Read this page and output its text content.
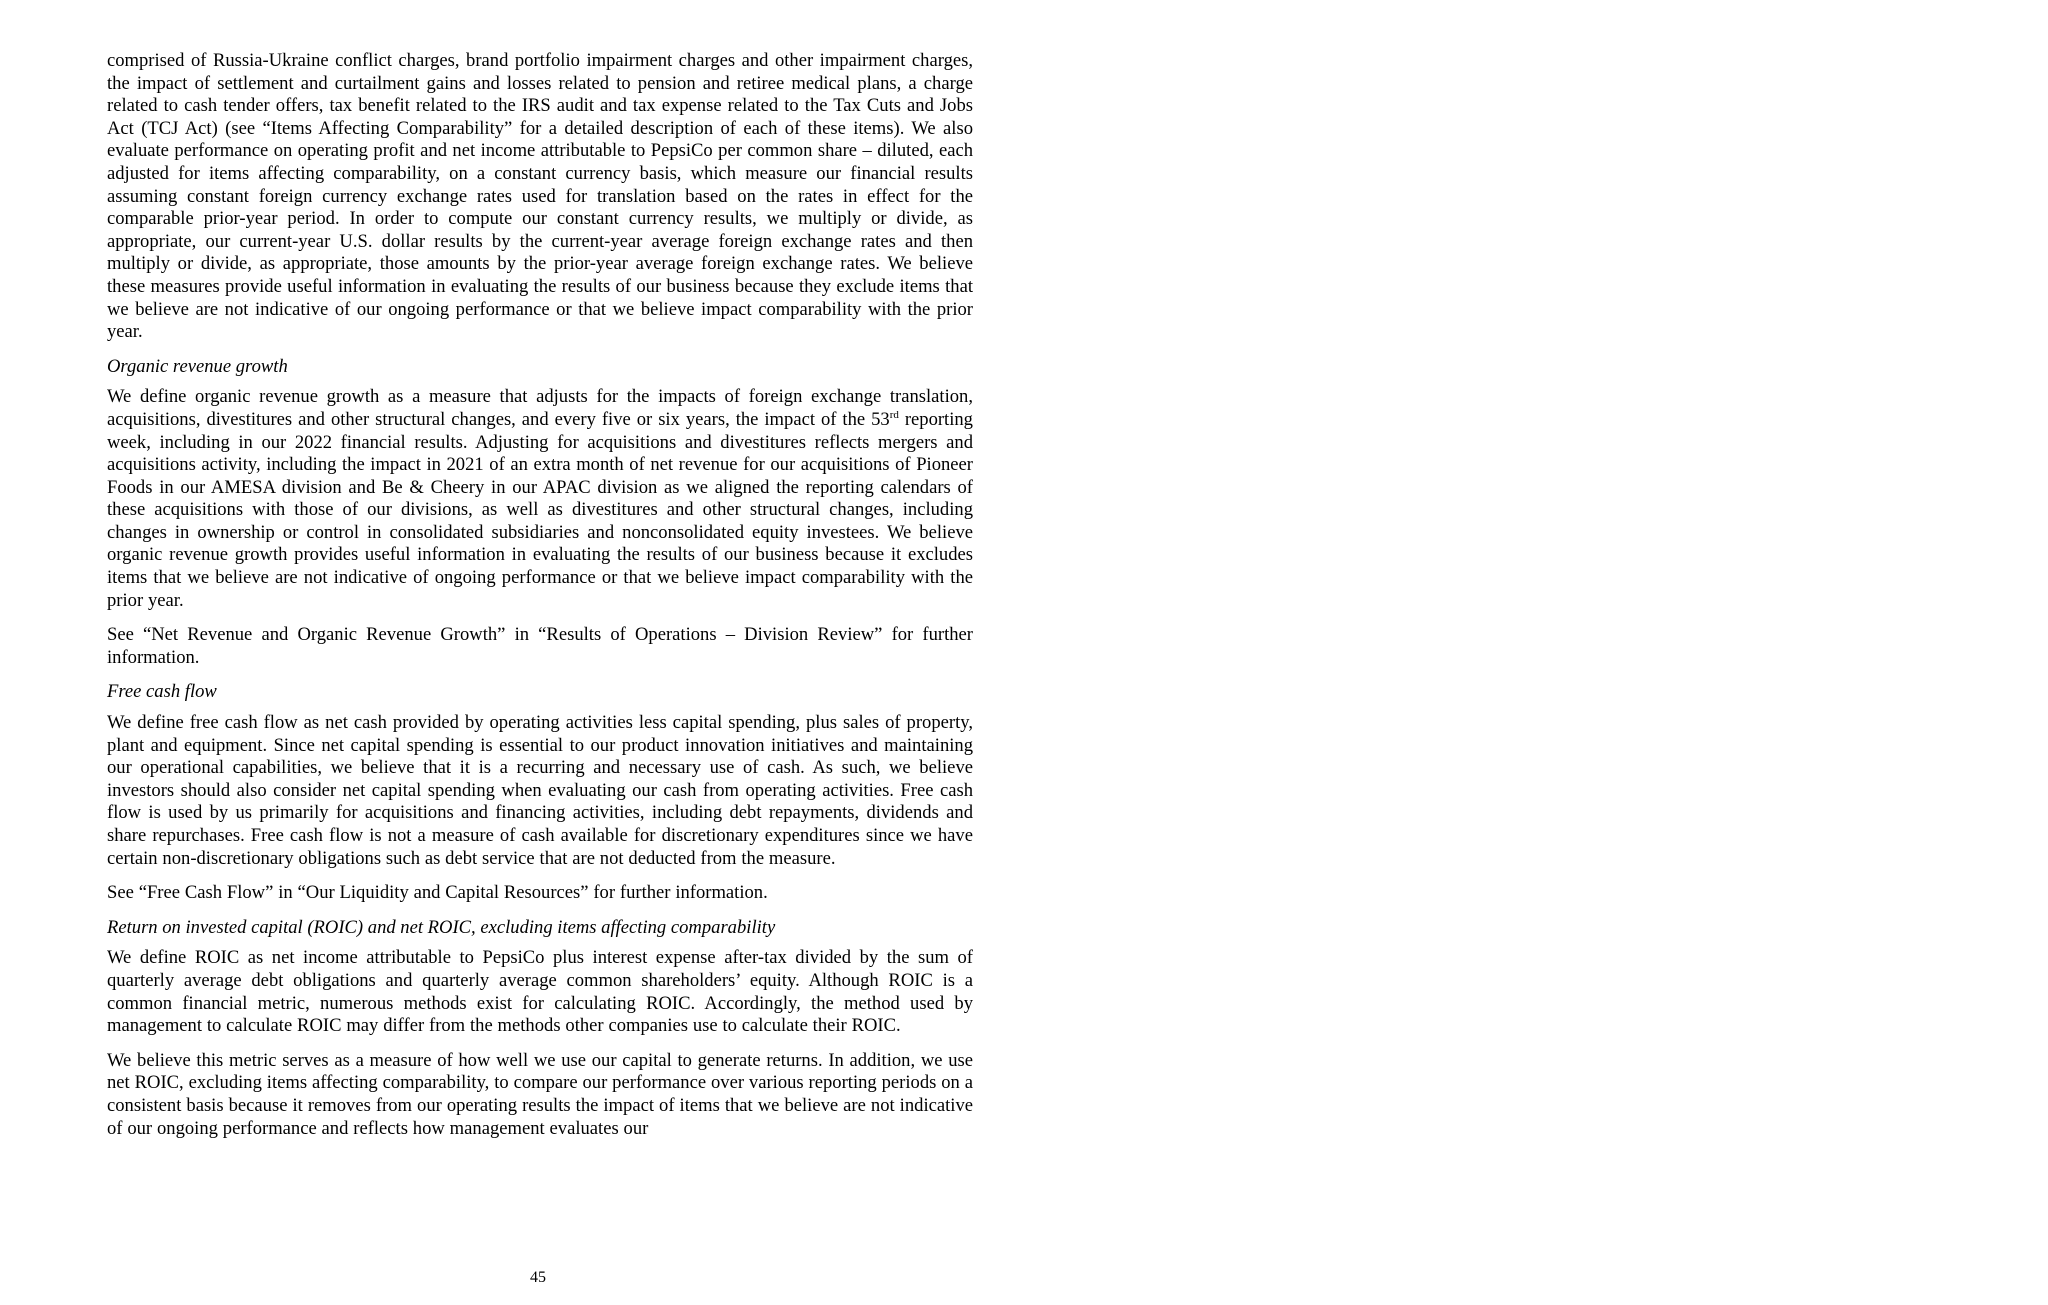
comprised of Russia-Ukraine conflict charges, brand portfolio impairment charges and other impairment charges, the impact of settlement and curtailment gains and losses related to pension and retiree medical plans, a charge related to cash tender offers, tax benefit related to the IRS audit and tax expense related to the Tax Cuts and Jobs Act (TCJ Act) (see “Items Affecting Comparability” for a detailed description of each of these items). We also evaluate performance on operating profit and net income attributable to PepsiCo per common share – diluted, each adjusted for items affecting comparability, on a constant currency basis, which measure our financial results assuming constant foreign currency exchange rates used for translation based on the rates in effect for the comparable prior-year period. In order to compute our constant currency results, we multiply or divide, as appropriate, our current-year U.S. dollar results by the current-year average foreign exchange rates and then multiply or divide, as appropriate, those amounts by the prior-year average foreign exchange rates. We believe these measures provide useful information in evaluating the results of our business because they exclude items that we believe are not indicative of our ongoing performance or that we believe impact comparability with the prior year.

Organic revenue growth

We define organic revenue growth as a measure that adjusts for the impacts of foreign exchange translation, acquisitions, divestitures and other structural changes, and every five or six years, the impact of the 53rd reporting week, including in our 2022 financial results. Adjusting for acquisitions and divestitures reflects mergers and acquisitions activity, including the impact in 2021 of an extra month of net revenue for our acquisitions of Pioneer Foods in our AMESA division and Be & Cheery in our APAC division as we aligned the reporting calendars of these acquisitions with those of our divisions, as well as divestitures and other structural changes, including changes in ownership or control in consolidated subsidiaries and nonconsolidated equity investees. We believe organic revenue growth provides useful information in evaluating the results of our business because it excludes items that we believe are not indicative of ongoing performance or that we believe impact comparability with the prior year.

See “Net Revenue and Organic Revenue Growth” in “Results of Operations – Division Review” for further information.

Free cash flow

We define free cash flow as net cash provided by operating activities less capital spending, plus sales of property, plant and equipment. Since net capital spending is essential to our product innovation initiatives and maintaining our operational capabilities, we believe that it is a recurring and necessary use of cash. As such, we believe investors should also consider net capital spending when evaluating our cash from operating activities. Free cash flow is used by us primarily for acquisitions and financing activities, including debt repayments, dividends and share repurchases. Free cash flow is not a measure of cash available for discretionary expenditures since we have certain non-discretionary obligations such as debt service that are not deducted from the measure.

See “Free Cash Flow” in “Our Liquidity and Capital Resources” for further information.

Return on invested capital (ROIC) and net ROIC, excluding items affecting comparability

We define ROIC as net income attributable to PepsiCo plus interest expense after-tax divided by the sum of quarterly average debt obligations and quarterly average common shareholders’ equity. Although ROIC is a common financial metric, numerous methods exist for calculating ROIC. Accordingly, the method used by management to calculate ROIC may differ from the methods other companies use to calculate their ROIC.

We believe this metric serves as a measure of how well we use our capital to generate returns. In addition, we use net ROIC, excluding items affecting comparability, to compare our performance over various reporting periods on a consistent basis because it removes from our operating results the impact of items that we believe are not indicative of our ongoing performance and reflects how management evaluates our

45
